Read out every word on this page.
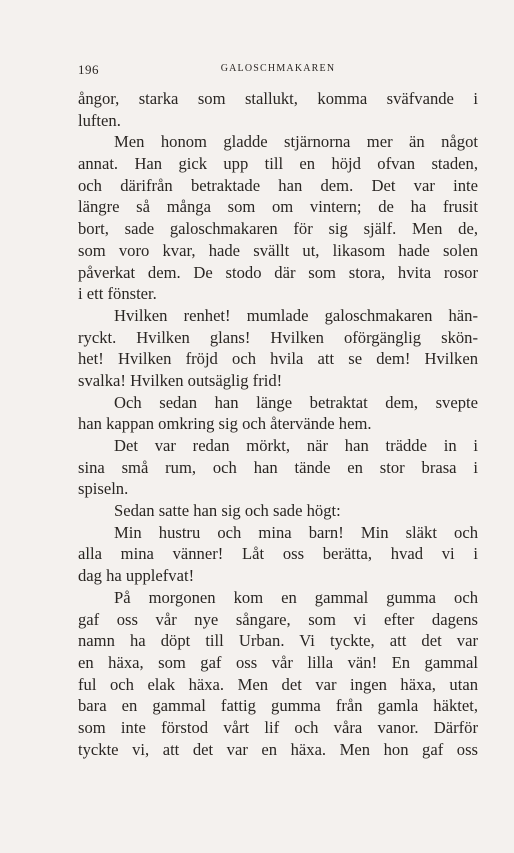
196	GALOSCHMAKAREN
ångor, starka som stallukt, komma sväfvande i
luften.
Men honom gladde stjärnorna mer än något
annat. Han gick upp till en höjd ofvan staden,
och därifrån betraktade han dem. Det var inte
längre så många som om vintern; de ha frusit
bort, sade galoschmakaren för sig själf. Men de,
som voro kvar, hade svällt ut, likasom hade solen
påverkat dem. De stodo där som stora, hvita rosor
i ett fönster.
Hvilken renhet! mumlade galoschmakaren hän-
ryckt. Hvilken glans! Hvilken oförgänglig skön-
het! Hvilken fröjd och hvila att se dem! Hvilken
svalka! Hvilken outsäglig frid!
Och sedan han länge betraktat dem, svepte
han kappan omkring sig och återvände hem.
Det var redan mörkt, när han trädde in i
sina små rum, och han tände en stor brasa i
spiseln.
Sedan satte han sig och sade högt:
Min hustru och mina barn! Min släkt och
alla mina vänner! Låt oss berätta, hvad vi i
dag ha upplefvat!
På morgonen kom en gammal gumma och
gaf oss vår nye sångare, som vi efter dagens
namn ha döpt till Urban. Vi tyckte, att det var
en häxa, som gaf oss vår lilla vän! En gammal
ful och elak häxa. Men det var ingen häxa, utan
bara en gammal fattig gumma från gamla häktet,
som inte förstod vårt lif och våra vanor. Därför
tyckte vi, att det var en häxa. Men hon gaf oss
